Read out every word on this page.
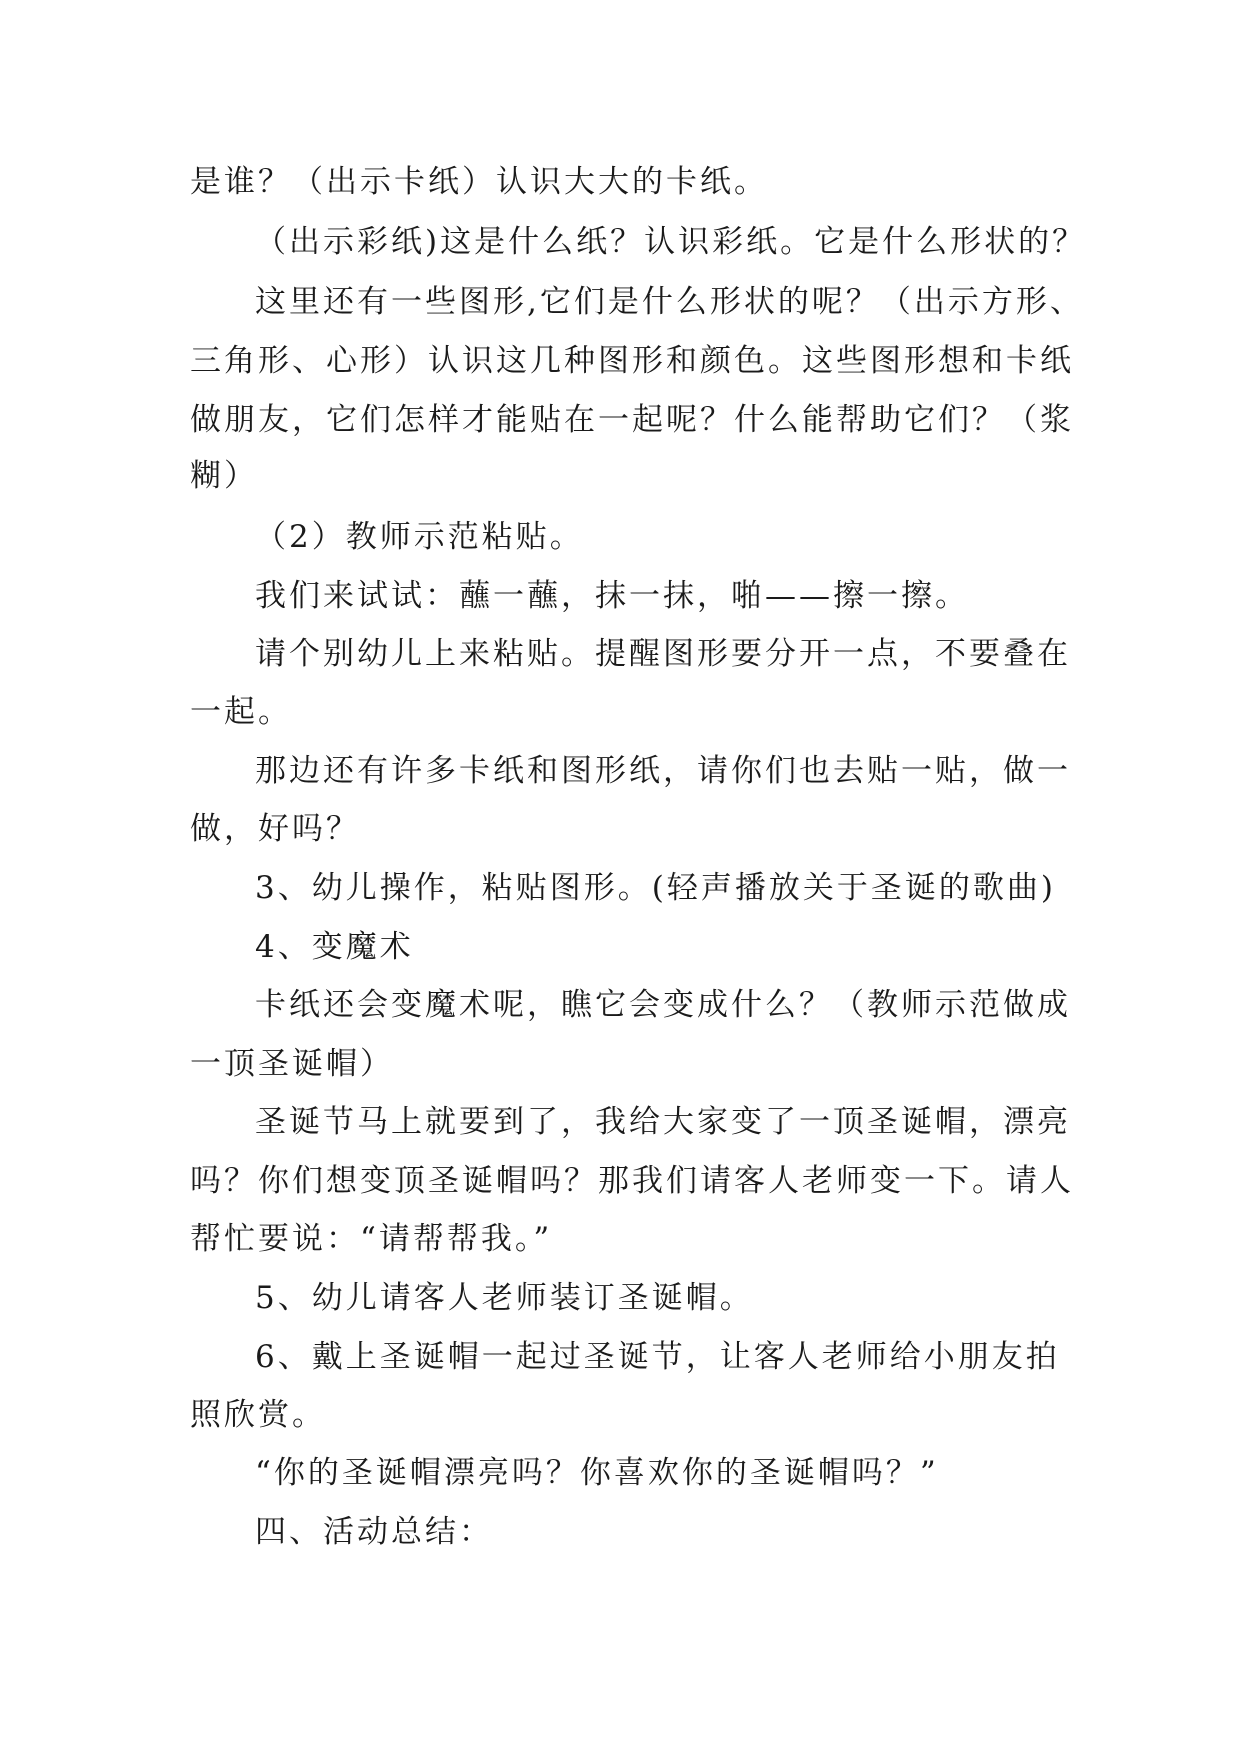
是谁？（出示卡纸）认识大大的卡纸。
（出示彩纸)这是什么纸？认识彩纸。它是什么形状的？
这里还有一些图形,它们是什么形状的呢？（出示方形、
三角形、心形）认识这几种图形和颜色。这些图形想和卡纸
做朋友，它们怎样才能贴在一起呢？什么能帮助它们？（浆
糊）
（2）教师示范粘贴。
我们来试试：蘸一蘸，抹一抹，啪——擦一擦。
请个别幼儿上来粘贴。提醒图形要分开一点，不要叠在
一起。
那边还有许多卡纸和图形纸，请你们也去贴一贴，做一
做，好吗？
3、幼儿操作，粘贴图形。(轻声播放关于圣诞的歌曲)
4、变魔术
卡纸还会变魔术呢，瞧它会变成什么？（教师示范做成
一顶圣诞帽）
圣诞节马上就要到了，我给大家变了一顶圣诞帽，漂亮
吗？你们想变顶圣诞帽吗？那我们请客人老师变一下。请人
帮忙要说：“请帮帮我。”
5、幼儿请客人老师装订圣诞帽。
6、戴上圣诞帽一起过圣诞节，让客人老师给小朋友拍
照欣赏。
“你的圣诞帽漂亮吗？你喜欢你的圣诞帽吗？”
四、活动总结：
